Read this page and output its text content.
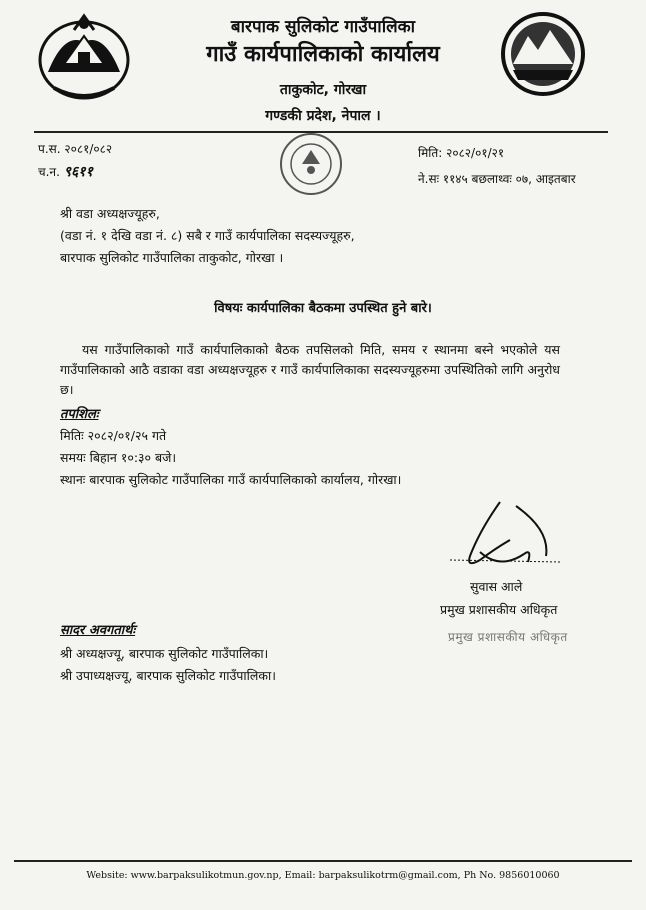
बारपाक सुलिकोट गाउँपालिका
गाउँ कार्यपालिकाको कार्यालय
ताकुकोट, गोरखा
गण्डकी प्रदेश, नेपाल ।
प.स. २०८१/०८२
च.न. ९६११
मिति: २०८२/०१/२१
ने.सः ११४५ बछलाथ्वः ०७, आइतबार
श्री वडा अध्यक्षज्यूहरु,
(वडा नं. १ देखि वडा नं. ८) सबै र गाउँ कार्यपालिका सदस्यज्यूहरु,
बारपाक सुलिकोट गाउँपालिका ताकुकोट, गोरखा ।
विषयः कार्यपालिका बैठकमा उपस्थित हुने बारे।
यस गाउँपालिकाको गाउँ कार्यपालिकाको बैठक तपसिलको मिति, समय र स्थानमा बस्ने भएकोले यस गाउँपालिकाको आठै वडाका वडा अध्यक्षज्यूहरु र गाउँ कार्यपालिकाका सदस्यज्यूहरुमा उपस्थितिको लागि अनुरोध छ।
तपशिलः
मितिः २०८२/०१/२५ गते
समयः बिहान १०:३० बजे।
स्थानः बारपाक सुलिकोट गाउँपालिका गाउँ कार्यपालिकाको कार्यालय, गोरखा।
सुवास आले
प्रमुख प्रशासकीय अधिकृत
प्रमुख प्रशासकीय अधिकृत
सादर अवगतार्थः
श्री अध्यक्षज्यू, बारपाक सुलिकोट गाउँपालिका।
श्री उपाध्यक्षज्यू, बारपाक सुलिकोट गाउँपालिका।
Website: www.barpaksulikotmun.gov.np, Email: barpaksulikotrm@gmail.com, Ph No. 9856010060
